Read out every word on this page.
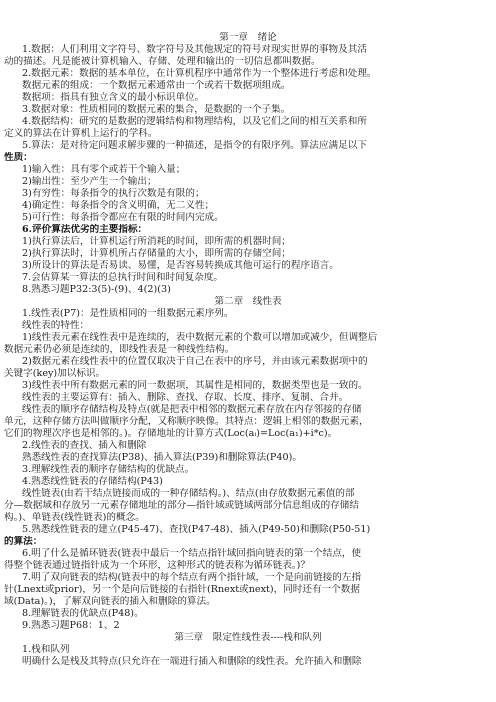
第一章　绪论
1.数据：人们利用文字符号、数字符号及其他规定的符号对现实世界的事物及其活
动的描述。凡是能被计算机输入、存储、处理和输出的一切信息都叫数据。
2.数据元素：数据的基本单位，在计算机程序中通常作为一个整体进行考虑和处理。
数据元素的组成：一个数据元素通常由一个或若干数据项组成。
数据项：指具有独立含义的最小标识单位。
3.数据对象：性质相同的数据元素的集合，是数据的一个子集。
4.数据结构：研究的是数据的逻辑结构和物理结构，以及它们之间的相互关系和所
定义的算法在计算机上运行的学科。
5.算法：是对待定问题求解步骤的一种描述，是指令的有限序列。算法应满足以下
性质：
1)输入性：具有零个或若干个输入量；
2)输出性：至少产生一个输出；
3)有穷性：每条指令的执行次数是有限的；
4)确定性：每条指令的含义明确，无二义性；
5)可行性：每条指令都应在有限的时间内完成。
6.评价算法优劣的主要指标：
1)执行算法后，计算机运行所消耗的时间，即所需的机器时间；
2)执行算法时，计算机所占存储量的大小，即所需的存储空间；
3)所设计的算法是否易读、易懂，是否容易转换成其他可运行的程序语言。
7.会估算某一算法的总执行时间和时间复杂度。
8.熟悉习题P32:3(5)-(9)、4(2)(3)
第二章　线性表
1.线性表(P7)：是性质相同的一组数据元素序列。
线性表的特性：
1)线性表元素在线性表中是连续的，表中数据元素的个数可以增加或减少，但调整后
数据元素仍必须是连续的，即线性表是一种线性结构。
2)数据元素在线性表中的位置仅取决于自己在表中的序号，并由该元素数据项中的
关键字(key)加以标识。
3)线性表中所有数据元素的同一数据项，其属性是相同的，数据类型也是一致的。
线性表的主要运算有：插入、删除、查找、存取、长度、排序、复制、合并。
线性表的顺序存储结构及特点(就是把表中相邻的数据元素存放在内存邻接的存储
单元，这种存储方法叫做顺序分配，又称顺序映像。其特点：逻辑上相邻的数据元素，
它们的物理次序也是相邻的。)。存储地址的计算方式(Loc(aᵢ)=Loc(a₁)+i*c)。
2.线性表的查找、插入和删除
熟悉线性表的查找算法(P38)、插入算法(P39)和删除算法(P40)。
3.理解线性表的顺序存储结构的优缺点。
4.熟悉线性链表的存储结构(P43)
线性链表(由若干结点链接而成的一种存储结构。)、结点(由存放数据元素值的部
分—数据域和存放另一元素存储地址的部分—指针域或链域两部分信息组成的存储结
构。)、单链表(线性链表)的概念。
5.熟悉线性链表的建立(P45-47)、查找(P47-48)、插入(P49-50)和删除(P50-51)
的算法：
6.明了什么是循环链表(链表中最后一个结点指针域回指向链表的第一个结点，使
得整个链表通过链指针成为一个环形，这种形式的链表称为循环链表。)？
7.明了双向链表的结构(链表中的每个结点有两个指针域，一个是向前链接的左指
针(Lnext或prior)，另一个是向后链接的右指针(Rnext或next)，同时还有一个数据
域(Data)。)，了解双向链表的插入和删除的算法。
8.理解链表的优缺点(P48)。
9.熟悉习题P68：1、2
第三章　限定性线性表----栈和队列
1.栈和队列
明确什么是栈及其特点(只允许在一端进行插入和删除的线性表。允许插入和删除
